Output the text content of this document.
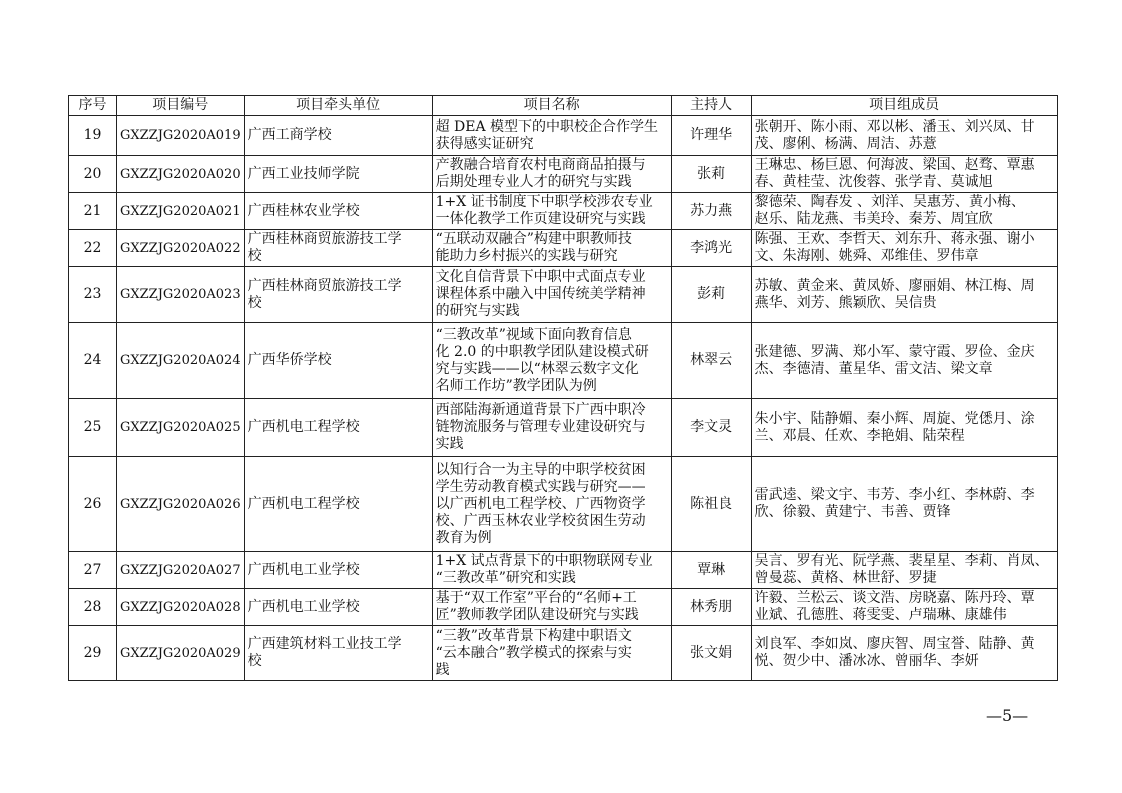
序号	项目编号	项目牵头单位	项目名称	主持人	项目组成员
19	GXZZJG2020A019	广西工商学校	超 DEA 模型下的中职校企合作学生
获得感实证研究	许理华	张朝开、陈小雨、邓以彬、潘玉、刘兴凤、甘
茂、廖俐、杨满、周洁、苏薏
20	GXZZJG2020A020	广西工业技师学院	产教融合培育农村电商商品拍摄与
后期处理专业人才的研究与实践	张莉	王琳忠、杨巨恩、何海波、梁国、赵骛、覃惠
春、黄桂莹、沈俊蓉、张学青、莫诚旭
21	GXZZJG2020A021	广西桂林农业学校	1+X 证书制度下中职学校涉农专业
一体化教学工作页建设研究与实践	苏力燕	黎德荣、陶春发 、刘洋、吴惠芳、黄小梅、
赵乐、陆龙燕、韦美玲、秦芳、周宜欣
22	GXZZJG2020A022	广西桂林商贸旅游技工学
校	“五联动双融合”构建中职教师技
能助力乡村振兴的实践与研究	李鸿光	陈强、王欢、李哲天、刘东升、蒋永强、谢小
文、朱海刚、姚舜、邓维佳、罗伟章
23	GXZZJG2020A023	广西桂林商贸旅游技工学
校	文化自信背景下中职中式面点专业
课程体系中融入中国传统美学精神
的研究与实践	彭莉	苏敏、黄金来、黄凤娇、廖丽娟、林江梅、周
燕华、刘芳、熊颖欣、吴信贵
24	GXZZJG2020A024	广西华侨学校	“三教改革”视域下面向教育信息
化 2.0 的中职教学团队建设模式研
究与实践——以“林翠云数字文化
名师工作坊”教学团队为例	林翠云	张建德、罗满、郑小军、蒙守霞、罗俭、金庆
杰、李德清、董星华、雷文洁、梁文章
25	GXZZJG2020A025	广西机电工程学校	西部陆海新通道背景下广西中职冷
链物流服务与管理专业建设研究与
实践	李文灵	朱小宇、陆静媚、秦小辉、周旋、党僁月、涂
兰、邓晨、任欢、李艳娟、陆荣程
26	GXZZJG2020A026	广西机电工程学校	以知行合一为主导的中职学校贫困
学生劳动教育模式实践与研究——
以广西机电工程学校、广西物资学
校、广西玉林农业学校贫困生劳动
教育为例	陈祖良	雷武逵、梁文宇、韦芳、李小红、李林蔚、李
欣、徐毅、黄建宁、韦善、贾锋
27	GXZZJG2020A027	广西机电工业学校	1+X 试点背景下的中职物联网专业
“三教改革”研究和实践	覃琳	吴言、罗有光、阮学燕、裴星星、李莉、肖凤、
曾曼蕊、黄格、林世舒、罗捷
28	GXZZJG2020A028	广西机电工业学校	基于“双工作室”平台的“名师+工
匠”教师教学团队建设研究与实践	林秀朋	许毅、兰松云、谈文浩、房晓嘉、陈丹玲、覃
业斌、孔德胜、蒋雯雯、卢瑞琳、康雄伟
29	GXZZJG2020A029	广西建筑材料工业技工学
校	“三教”改革背景下构建中职语文
“云本融合”教学模式的探索与实
践	张文娟	刘良军、李如岚、廖庆智、周宝誉、陆静、黄
悦、贺少中、潘冰冰、曾丽华、李妍
—5—
